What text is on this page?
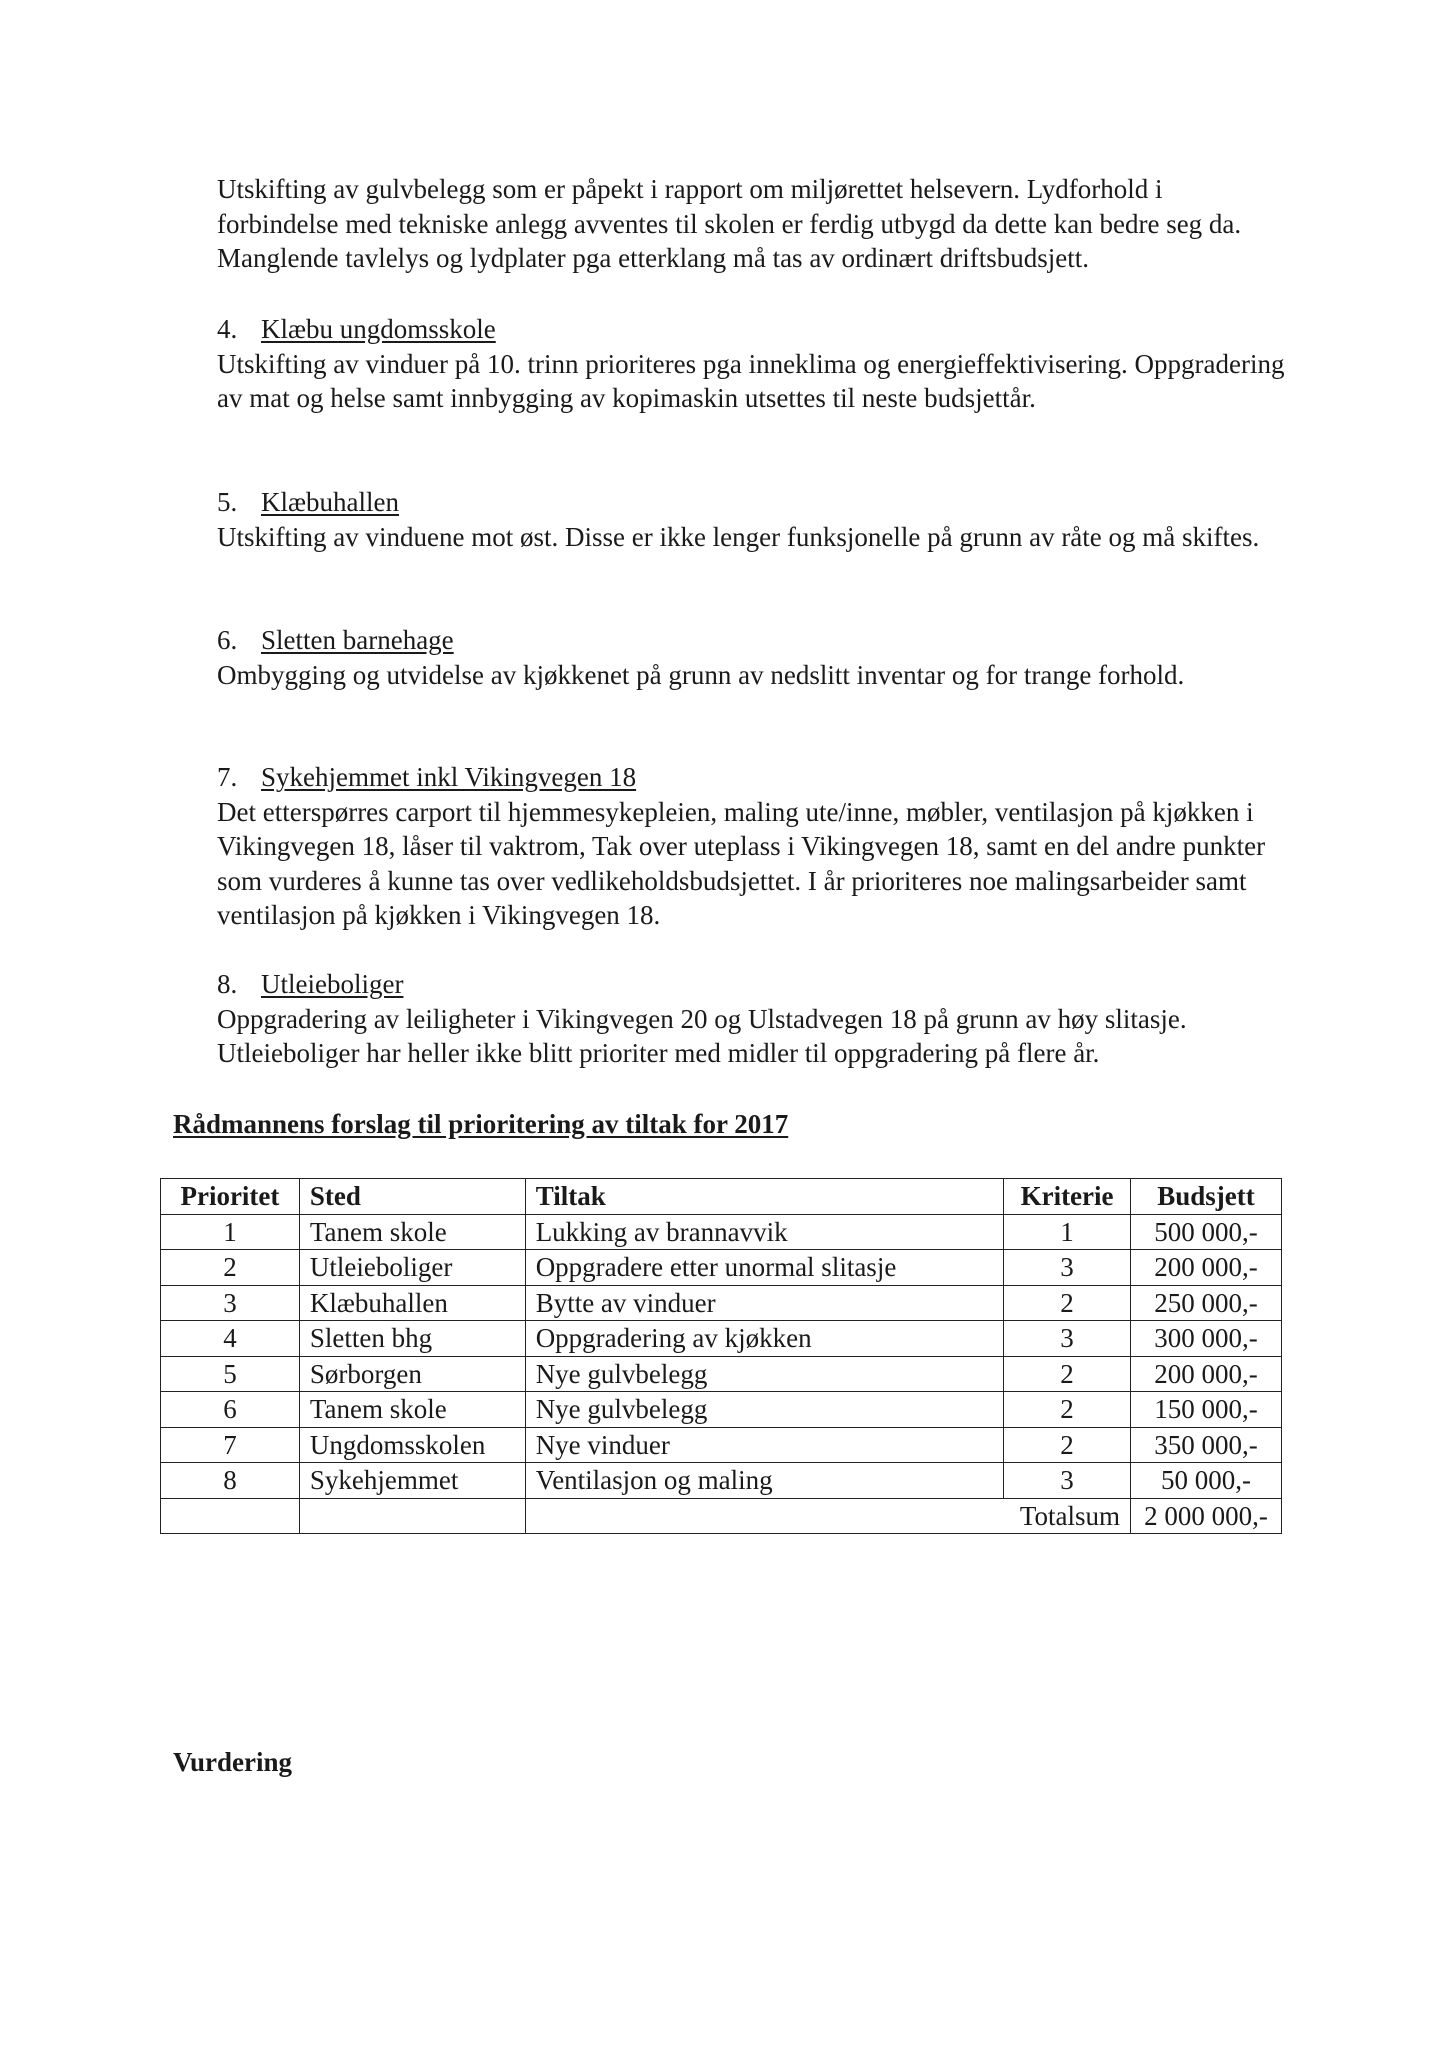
Utskifting av gulvbelegg som er påpekt i rapport om miljørettet helsevern. Lydforhold i forbindelse med tekniske anlegg avventes til skolen er ferdig utbygd da dette kan bedre seg da. Manglende tavlelys og lydplater pga etterklang må tas av ordinært driftsbudsjett.

4. Klæbu ungdomsskole

Utskifting av vinduer på 10. trinn prioriteres pga inneklima og energieffektivisering. Oppgradering av mat og helse samt innbygging av kopimaskin utsettes til neste budsjettår.

5. Klæbuhallen

Utskifting av vinduene mot øst. Disse er ikke lenger funksjonelle på grunn av råte og må skiftes.

6. Sletten barnehage

Ombygging og utvidelse av kjøkkenet på grunn av nedslitt inventar og for trange forhold.

7. Sykehjemmet inkl Vikingvegen 18

Det etterspørres carport til hjemmesykepleien, maling ute/inne, møbler, ventilasjon på kjøkken i Vikingvegen 18, låser til vaktrom, Tak over uteplass i Vikingvegen 18, samt en del andre punkter som vurderes å kunne tas over vedlikeholdsbudsjettet. I år prioriteres noe malingsarbeider samt ventilasjon på kjøkken i Vikingvegen 18.

8. Utleieboliger

Oppgradering av leiligheter i Vikingvegen 20 og Ulstadvegen 18 på grunn av høy slitasje. Utleieboliger har heller ikke blitt prioriter med midler til oppgradering på flere år.

Rådmannens forslag til prioritering av tiltak for 2017

Prioritet	Sted	Tiltak	Kriterie	Budsjett
1	Tanem skole	Lukking av brannavvik	1	500 000,-
2	Utleieboliger	Oppgradere etter unormal slitasje	3	200 000,-
3	Klæbuhallen	Bytte av vinduer	2	250 000,-
4	Sletten bhg	Oppgradering av kjøkken	3	300 000,-
5	Sørborgen	Nye gulvbelegg	2	200 000,-
6	Tanem skole	Nye gulvbelegg	2	150 000,-
7	Ungdomsskolen	Nye vinduer	2	350 000,-
8	Sykehjemmet	Ventilasjon og maling	3	50 000,-
		Totalsum		2 000 000,-

Vurdering
